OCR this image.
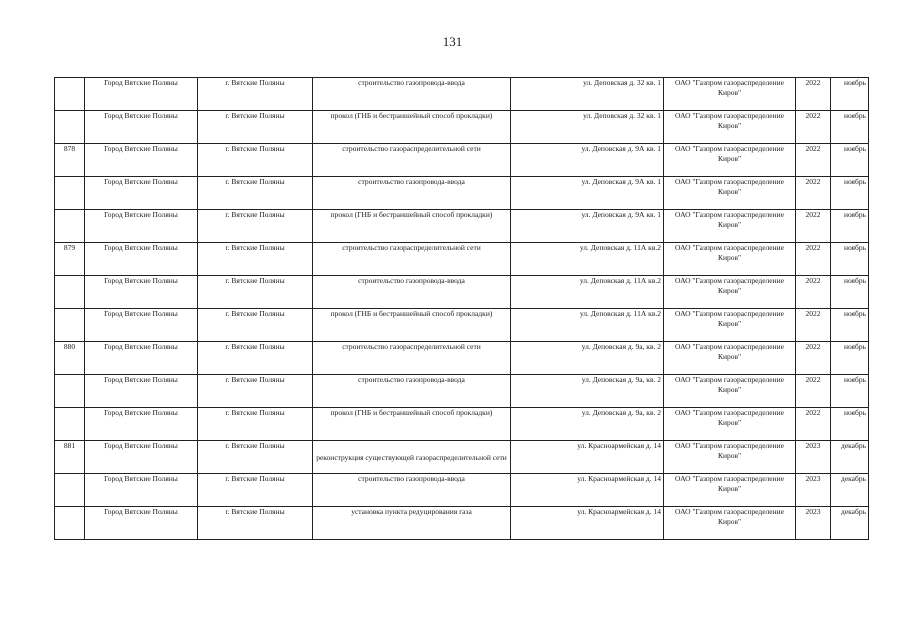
131
	Город Вятские Поляны	г. Вятские Поляны	строительство газопровода-ввода	ул. Деповская д. 32 кв. 1	ОАО "Газпром газораспределение Киров"	2022	ноябрь
	Город Вятские Поляны	г. Вятские Поляны	прокол (ГНБ и бестраншейный способ прокладки)	ул. Деповская д. 32 кв. 1	ОАО "Газпром газораспределение Киров"	2022	ноябрь
878	Город Вятские Поляны	г. Вятские Поляны	строительство газораспределительной сети	ул. Деповская д. 9А кв. 1	ОАО "Газпром газораспределение Киров"	2022	ноябрь
	Город Вятские Поляны	г. Вятские Поляны	строительство газопровода-ввода	ул. Деповская д. 9А кв. 1	ОАО "Газпром газораспределение Киров"	2022	ноябрь
	Город Вятские Поляны	г. Вятские Поляны	прокол (ГНБ и бестраншейный способ прокладки)	ул. Деповская д. 9А кв. 1	ОАО "Газпром газораспределение Киров"	2022	ноябрь
879	Город Вятские Поляны	г. Вятские Поляны	строительство газораспределительной сети	ул. Деповская д. 11А кв.2	ОАО "Газпром газораспределение Киров"	2022	ноябрь
	Город Вятские Поляны	г. Вятские Поляны	строительство газопровода-ввода	ул. Деповская д. 11А кв.2	ОАО "Газпром газораспределение Киров"	2022	ноябрь
	Город Вятские Поляны	г. Вятские Поляны	прокол (ГНБ и бестраншейный способ прокладки)	ул. Деповская д. 11А кв.2	ОАО "Газпром газораспределение Киров"	2022	ноябрь
880	Город Вятские Поляны	г. Вятские Поляны	строительство газораспределительной сети	ул. Деповская д. 9а, кв. 2	ОАО "Газпром газораспределение Киров"	2022	ноябрь
	Город Вятские Поляны	г. Вятские Поляны	строительство газопровода-ввода	ул. Деповская д. 9а, кв. 2	ОАО "Газпром газораспределение Киров"	2022	ноябрь
	Город Вятские Поляны	г. Вятские Поляны	прокол (ГНБ и бестраншейный способ прокладки)	ул. Деповская д. 9а, кв. 2	ОАО "Газпром газораспределение Киров"	2022	ноябрь
881	Город Вятские Поляны	г. Вятские Поляны	реконструкция существующей газораспределительной сети	ул. Красноармейская д. 14	ОАО "Газпром газораспределение Киров"	2023	декабрь
	Город Вятские Поляны	г. Вятские Поляны	строительство газопровода-ввода	ул. Красноармейская д. 14	ОАО "Газпром газораспределение Киров"	2023	декабрь
	Город Вятские Поляны	г. Вятские Поляны	установка пункта редуцирования газа	ул. Красноармейская д. 14	ОАО "Газпром газораспределение Киров"	2023	декабрь
